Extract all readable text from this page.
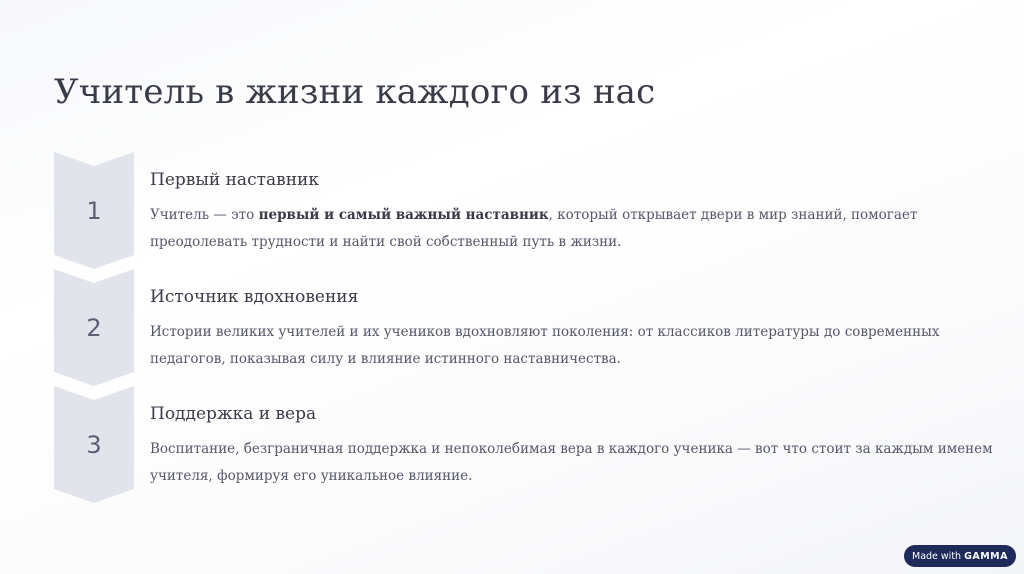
Учитель в жизни каждого из нас
1
Первый наставник
Учитель — это первый и самый важный наставник, который открывает двери в мир знаний, помогает преодолевать трудности и найти свой собственный путь в жизни.
2
Источник вдохновения
Истории великих учителей и их учеников вдохновляют поколения: от классиков литературы до современных педагогов, показывая силу и влияние истинного наставничества.
3
Поддержка и вера
Воспитание, безграничная поддержка и непоколебимая вера в каждого ученика — вот что стоит за каждым именем учителя, формируя его уникальное влияние.
Made with GAMMA
